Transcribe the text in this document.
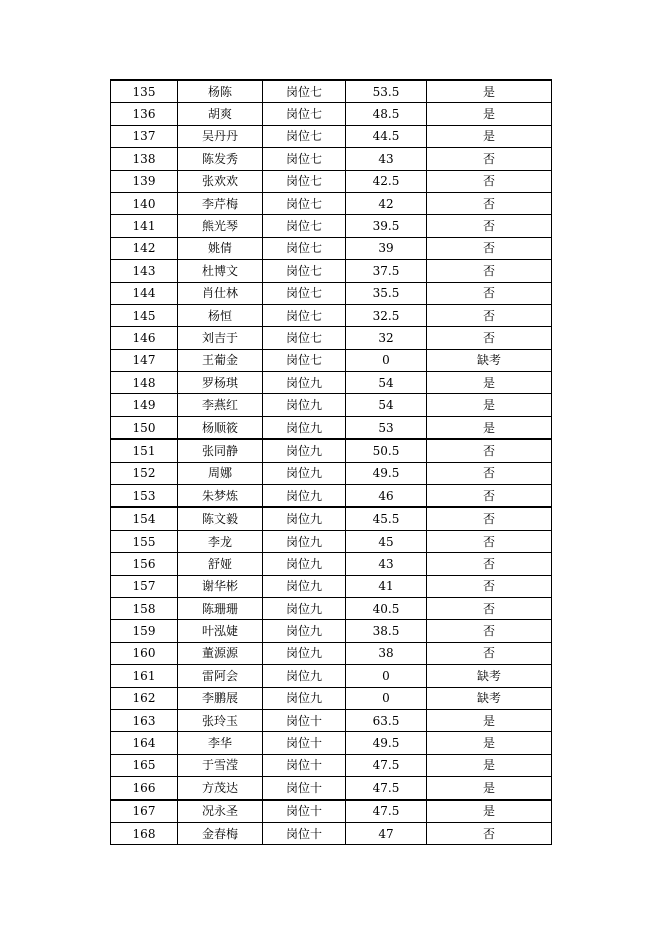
135	杨陈	岗位七	53.5	是
136	胡爽	岗位七	48.5	是
137	吴丹丹	岗位七	44.5	是
138	陈发秀	岗位七	43	否
139	张欢欢	岗位七	42.5	否
140	李芹梅	岗位七	42	否
141	熊光琴	岗位七	39.5	否
142	姚倩	岗位七	39	否
143	杜博文	岗位七	37.5	否
144	肖仕林	岗位七	35.5	否
145	杨恒	岗位七	32.5	否
146	刘吉于	岗位七	32	否
147	王葡金	岗位七	0	缺考
148	罗杨琪	岗位九	54	是
149	李燕红	岗位九	54	是
150	杨顺筱	岗位九	53	是
151	张同静	岗位九	50.5	否
152	周娜	岗位九	49.5	否
153	朱梦炼	岗位九	46	否
154	陈文毅	岗位九	45.5	否
155	李龙	岗位九	45	否
156	舒娅	岗位九	43	否
157	谢华彬	岗位九	41	否
158	陈珊珊	岗位九	40.5	否
159	叶泓婕	岗位九	38.5	否
160	董源源	岗位九	38	否
161	雷阿会	岗位九	0	缺考
162	李鹏展	岗位九	0	缺考
163	张玲玉	岗位十	63.5	是
164	李华	岗位十	49.5	是
165	于雪滢	岗位十	47.5	是
166	方茂达	岗位十	47.5	是
167	况永圣	岗位十	47.5	是
168	金春梅	岗位十	47	否
